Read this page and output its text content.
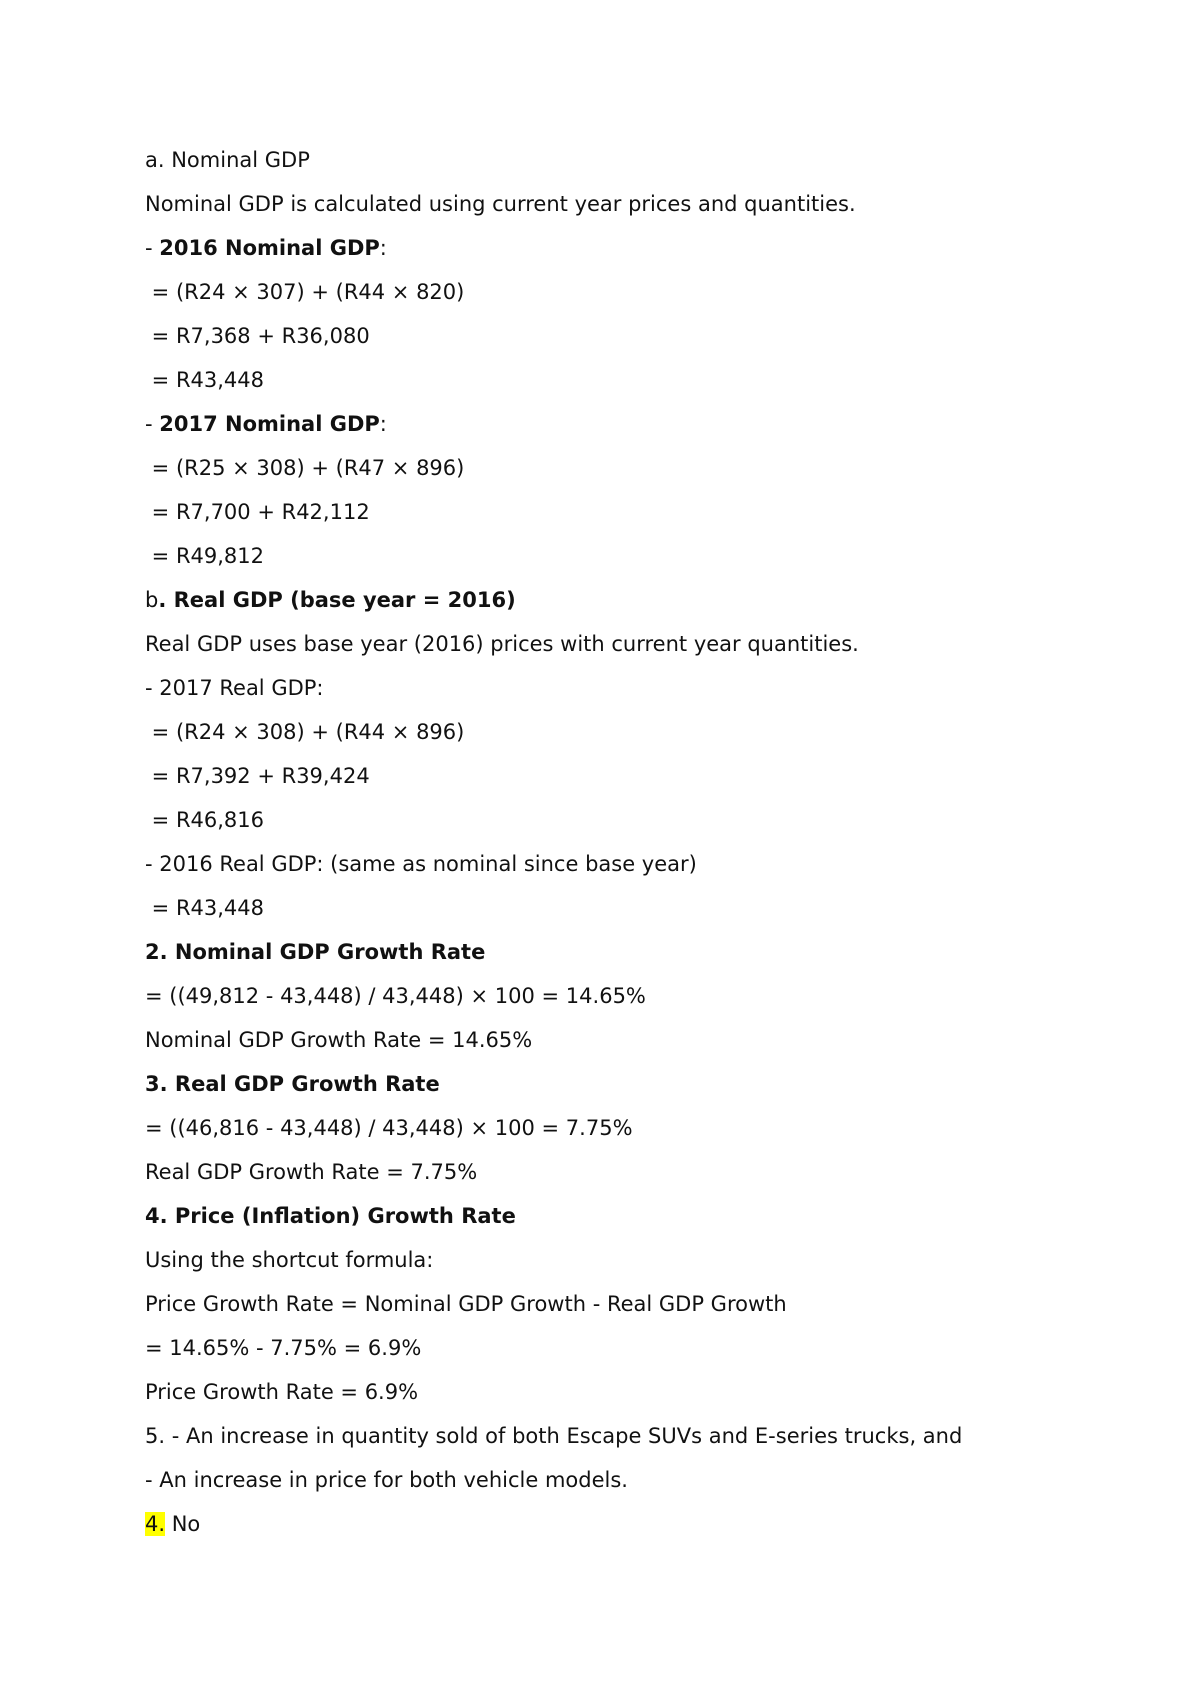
a. Nominal GDP
Nominal GDP is calculated using current year prices and quantities.
- 2016 Nominal GDP:
= (R24 × 307) + (R44 × 820)
= R7,368 + R36,080
= R43,448
- 2017 Nominal GDP:
= (R25 × 308) + (R47 × 896)
= R7,700 + R42,112
= R49,812
b. Real GDP (base year = 2016)
Real GDP uses base year (2016) prices with current year quantities.
- 2017 Real GDP:
= (R24 × 308) + (R44 × 896)
= R7,392 + R39,424
= R46,816
- 2016 Real GDP: (same as nominal since base year)
= R43,448
2. Nominal GDP Growth Rate
= ((49,812 - 43,448) / 43,448) × 100 = 14.65%
Nominal GDP Growth Rate = 14.65%
3. Real GDP Growth Rate
= ((46,816 - 43,448) / 43,448) × 100 = 7.75%
Real GDP Growth Rate = 7.75%
4. Price (Inflation) Growth Rate
Using the shortcut formula:
Price Growth Rate = Nominal GDP Growth - Real GDP Growth
= 14.65% - 7.75% = 6.9%
Price Growth Rate = 6.9%
5. - An increase in quantity sold of both Escape SUVs and E-series trucks, and
- An increase in price for both vehicle models.
4. No
